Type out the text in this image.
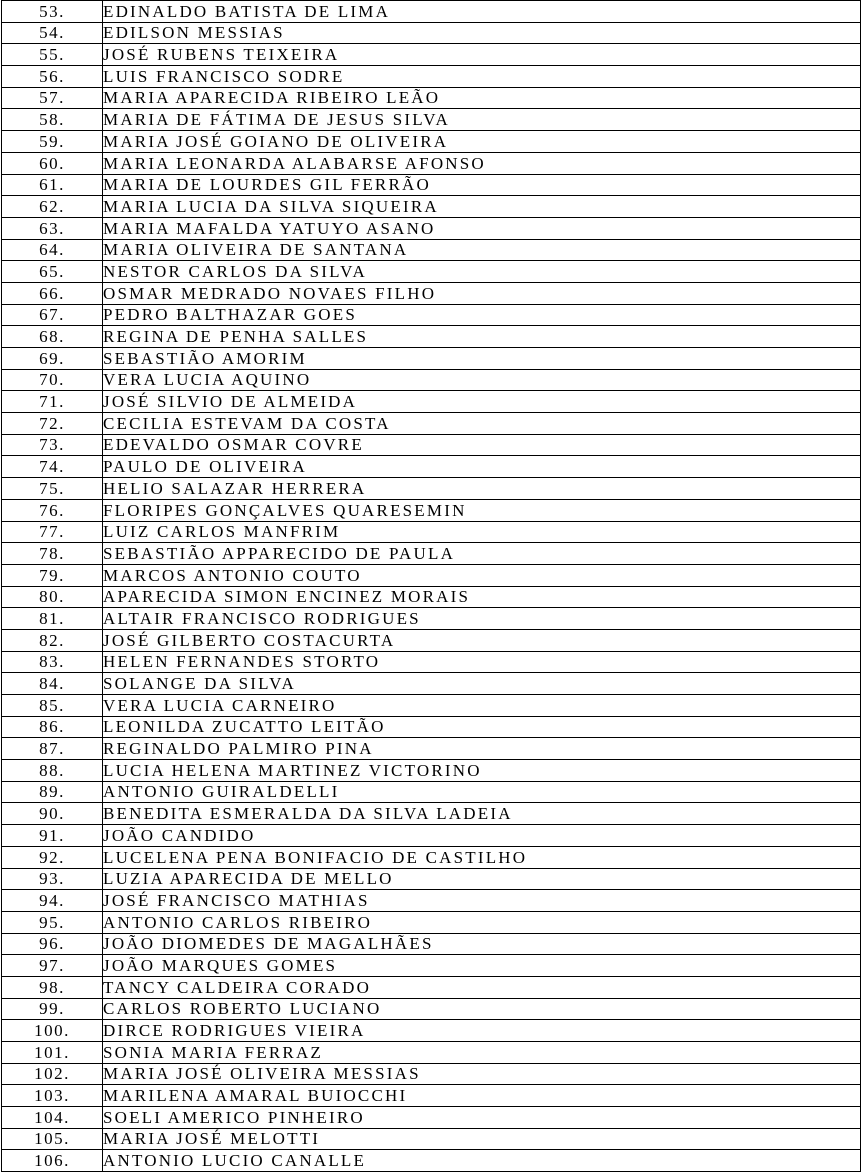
53.	EDINALDO BATISTA DE LIMA
54.	EDILSON MESSIAS
55.	JOSÉ RUBENS TEIXEIRA
56.	LUIS FRANCISCO SODRE
57.	MARIA APARECIDA RIBEIRO LEÃO
58.	MARIA DE FÁTIMA DE JESUS SILVA
59.	MARIA JOSÉ GOIANO DE OLIVEIRA
60.	MARIA LEONARDA ALABARSE AFONSO
61.	MARIA DE LOURDES GIL FERRÃO
62.	MARIA LUCIA DA SILVA SIQUEIRA
63.	MARIA MAFALDA YATUYO ASANO
64.	MARIA OLIVEIRA DE SANTANA
65.	NESTOR CARLOS DA SILVA
66.	OSMAR MEDRADO NOVAES FILHO
67.	PEDRO BALTHAZAR GOES
68.	REGINA DE PENHA SALLES
69.	SEBASTIÃO AMORIM
70.	VERA LUCIA AQUINO
71.	JOSÉ SILVIO DE ALMEIDA
72.	CECILIA ESTEVAM DA COSTA
73.	EDEVALDO OSMAR COVRE
74.	PAULO DE OLIVEIRA
75.	HELIO SALAZAR HERRERA
76.	FLORIPES GONÇALVES QUARESEMIN
77.	LUIZ CARLOS MANFRIM
78.	SEBASTIÃO APPARECIDO DE PAULA
79.	MARCOS ANTONIO COUTO
80.	APARECIDA SIMON ENCINEZ MORAIS
81.	ALTAIR FRANCISCO RODRIGUES
82.	JOSÉ GILBERTO COSTACURTA
83.	HELEN FERNANDES STORTO
84.	SOLANGE DA SILVA
85.	VERA LUCIA CARNEIRO
86.	LEONILDA ZUCATTO LEITÃO
87.	REGINALDO PALMIRO PINA
88.	LUCIA HELENA MARTINEZ VICTORINO
89.	ANTONIO GUIRALDELLI
90.	BENEDITA ESMERALDA DA SILVA LADEIA
91.	JOÃO CANDIDO
92.	LUCELENA PENA BONIFACIO DE CASTILHO
93.	LUZIA APARECIDA DE MELLO
94.	JOSÉ FRANCISCO MATHIAS
95.	ANTONIO CARLOS RIBEIRO
96.	JOÃO DIOMEDES DE MAGALHÃES
97.	JOÃO MARQUES GOMES
98.	TANCY CALDEIRA CORADO
99.	CARLOS ROBERTO LUCIANO
100.	DIRCE RODRIGUES VIEIRA
101.	SONIA MARIA FERRAZ
102.	MARIA JOSÉ OLIVEIRA MESSIAS
103.	MARILENA AMARAL BUIOCCHI
104.	SOELI AMERICO PINHEIRO
105.	MARIA JOSÉ MELOTTI
106.	ANTONIO LUCIO CANALLE
